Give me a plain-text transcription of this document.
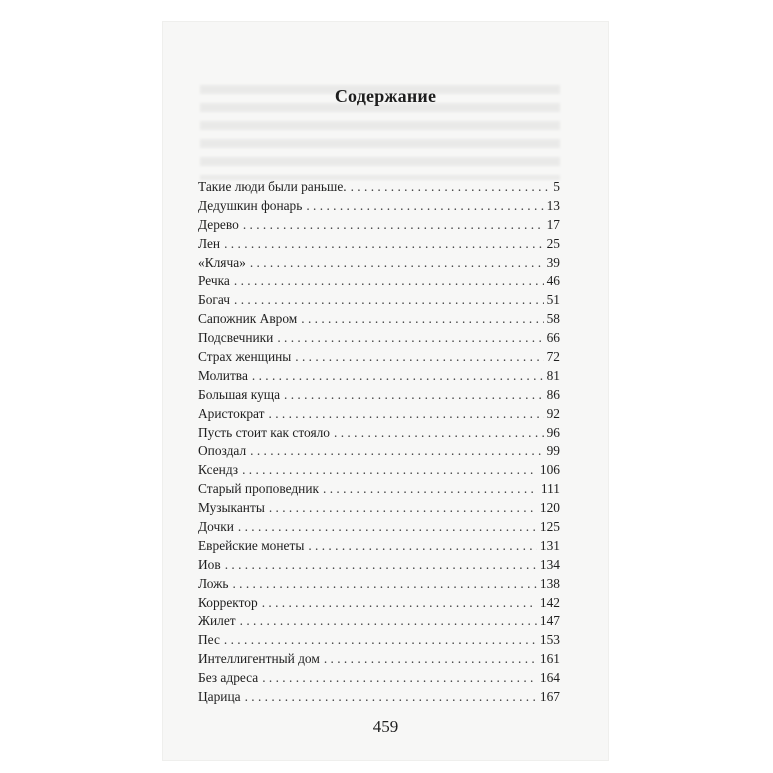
Содержание
Такие люди были раньше. . . .	5
Дедушкин фонарь . . .	13
Дерево . . .	17
Лен . . .	25
«Кляча» . . .	39
Речка . . .	46
Богач . . .	51
Сапожник Авром . . .	58
Подсвечники . . .	66
Страх женщины . . .	72
Молитва . . .	81
Большая куща . . .	86
Аристократ . . .	92
Пусть стоит как стояло . . .	96
Опоздал . . .	99
Ксендз . . .	106
Старый проповедник . . .	111
Музыканты . . .	120
Дочки . . .	125
Еврейские монеты . . .	131
Иов . . .	134
Ложь . . .	138
Корректор . . .	142
Жилет . . .	147
Пес . . .	153
Интеллигентный дом . . .	161
Без адреса . . .	164
Царица . . .	167
459
